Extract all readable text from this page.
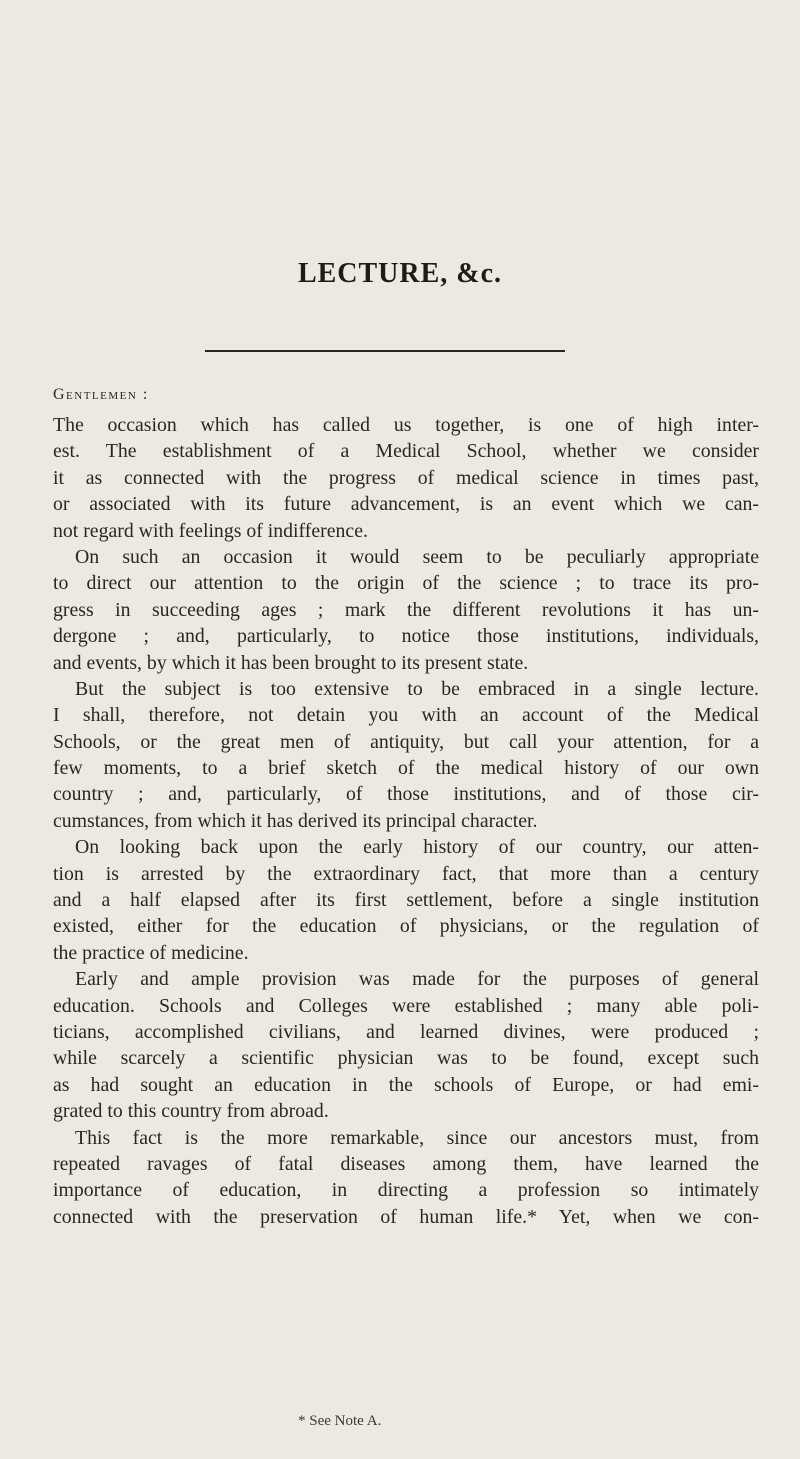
LECTURE, &c.
Gentlemen :
The occasion which has called us together, is one of high inter-
est. The establishment of a Medical School, whether we consider
it as connected with the progress of medical science in times past,
or associated with its future advancement, is an event which we can-
not regard with feelings of indifference.
On such an occasion it would seem to be peculiarly appropriate
to direct our attention to the origin of the science ; to trace its pro-
gress in succeeding ages ; mark the different revolutions it has un-
dergone ; and, particularly, to notice those institutions, individuals,
and events, by which it has been brought to its present state.
But the subject is too extensive to be embraced in a single lecture.
I shall, therefore, not detain you with an account of the Medical
Schools, or the great men of antiquity, but call your attention, for a
few moments, to a brief sketch of the medical history of our own
country ; and, particularly, of those institutions, and of those cir-
cumstances, from which it has derived its principal character.
On looking back upon the early history of our country, our atten-
tion is arrested by the extraordinary fact, that more than a century
and a half elapsed after its first settlement, before a single institution
existed, either for the education of physicians, or the regulation of
the practice of medicine.
Early and ample provision was made for the purposes of general
education. Schools and Colleges were established ; many able poli-
ticians, accomplished civilians, and learned divines, were produced ;
while scarcely a scientific physician was to be found, except such
as had sought an education in the schools of Europe, or had emi-
grated to this country from abroad.
This fact is the more remarkable, since our ancestors must, from
repeated ravages of fatal diseases among them, have learned the
importance of education, in directing a profession so intimately
connected with the preservation of human life.* Yet, when we con-
* See Note A.
